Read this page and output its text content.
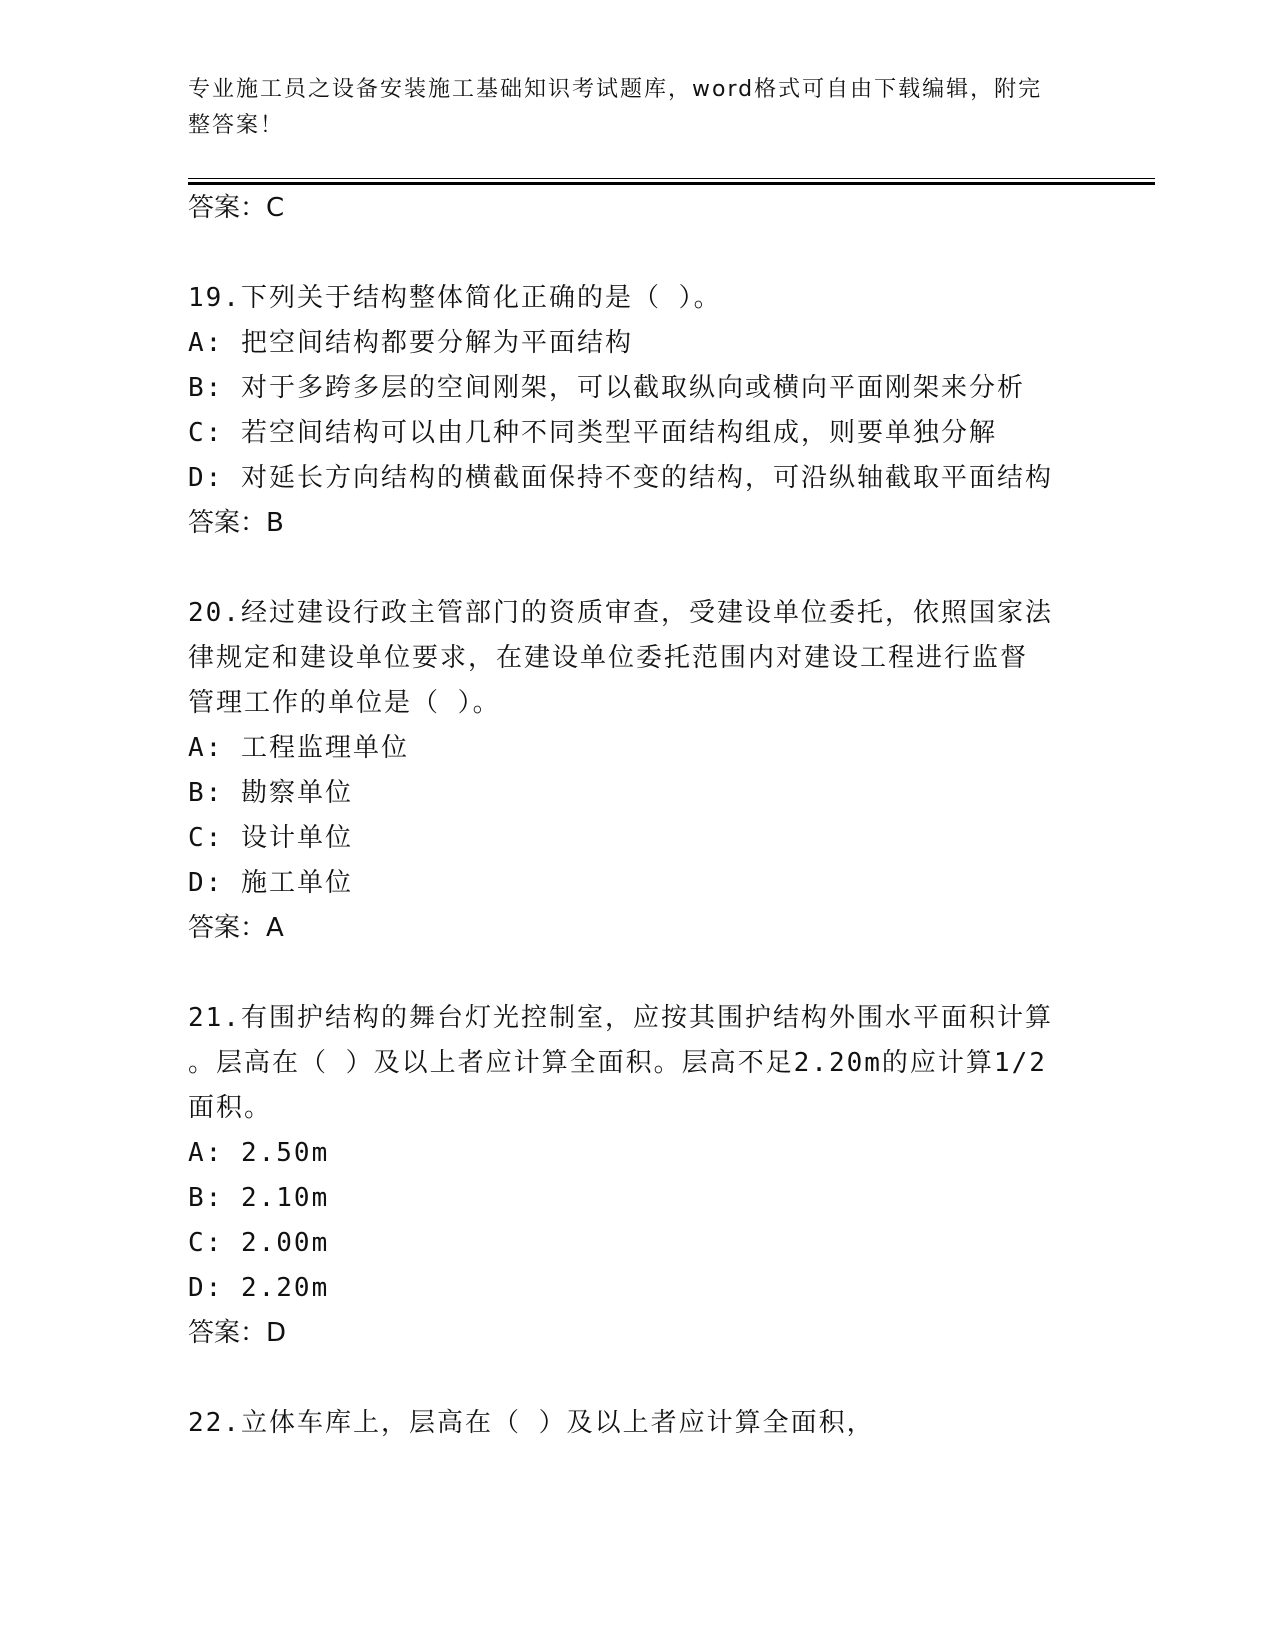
专业施工员之设备安装施工基础知识考试题库，word格式可自由下载编辑，附完
整答案！
答案：C
19.下列关于结构整体简化正确的是（ ）。
A: 把空间结构都要分解为平面结构
B: 对于多跨多层的空间刚架，可以截取纵向或横向平面刚架来分析
C: 若空间结构可以由几种不同类型平面结构组成，则要单独分解
D: 对延长方向结构的横截面保持不变的结构，可沿纵轴截取平面结构
答案：B
20.经过建设行政主管部门的资质审查，受建设单位委托，依照国家法
律规定和建设单位要求，在建设单位委托范围内对建设工程进行监督
管理工作的单位是（ ）。
A: 工程监理单位
B: 勘察单位
C: 设计单位
D: 施工单位
答案：A
21.有围护结构的舞台灯光控制室，应按其围护结构外围水平面积计算
。层高在（ ）及以上者应计算全面积。层高不足2.20m的应计算1/2
面积。
A: 2.50m
B: 2.10m
C: 2.00m
D: 2.20m
答案：D
22.立体车库上，层高在（ ）及以上者应计算全面积，
